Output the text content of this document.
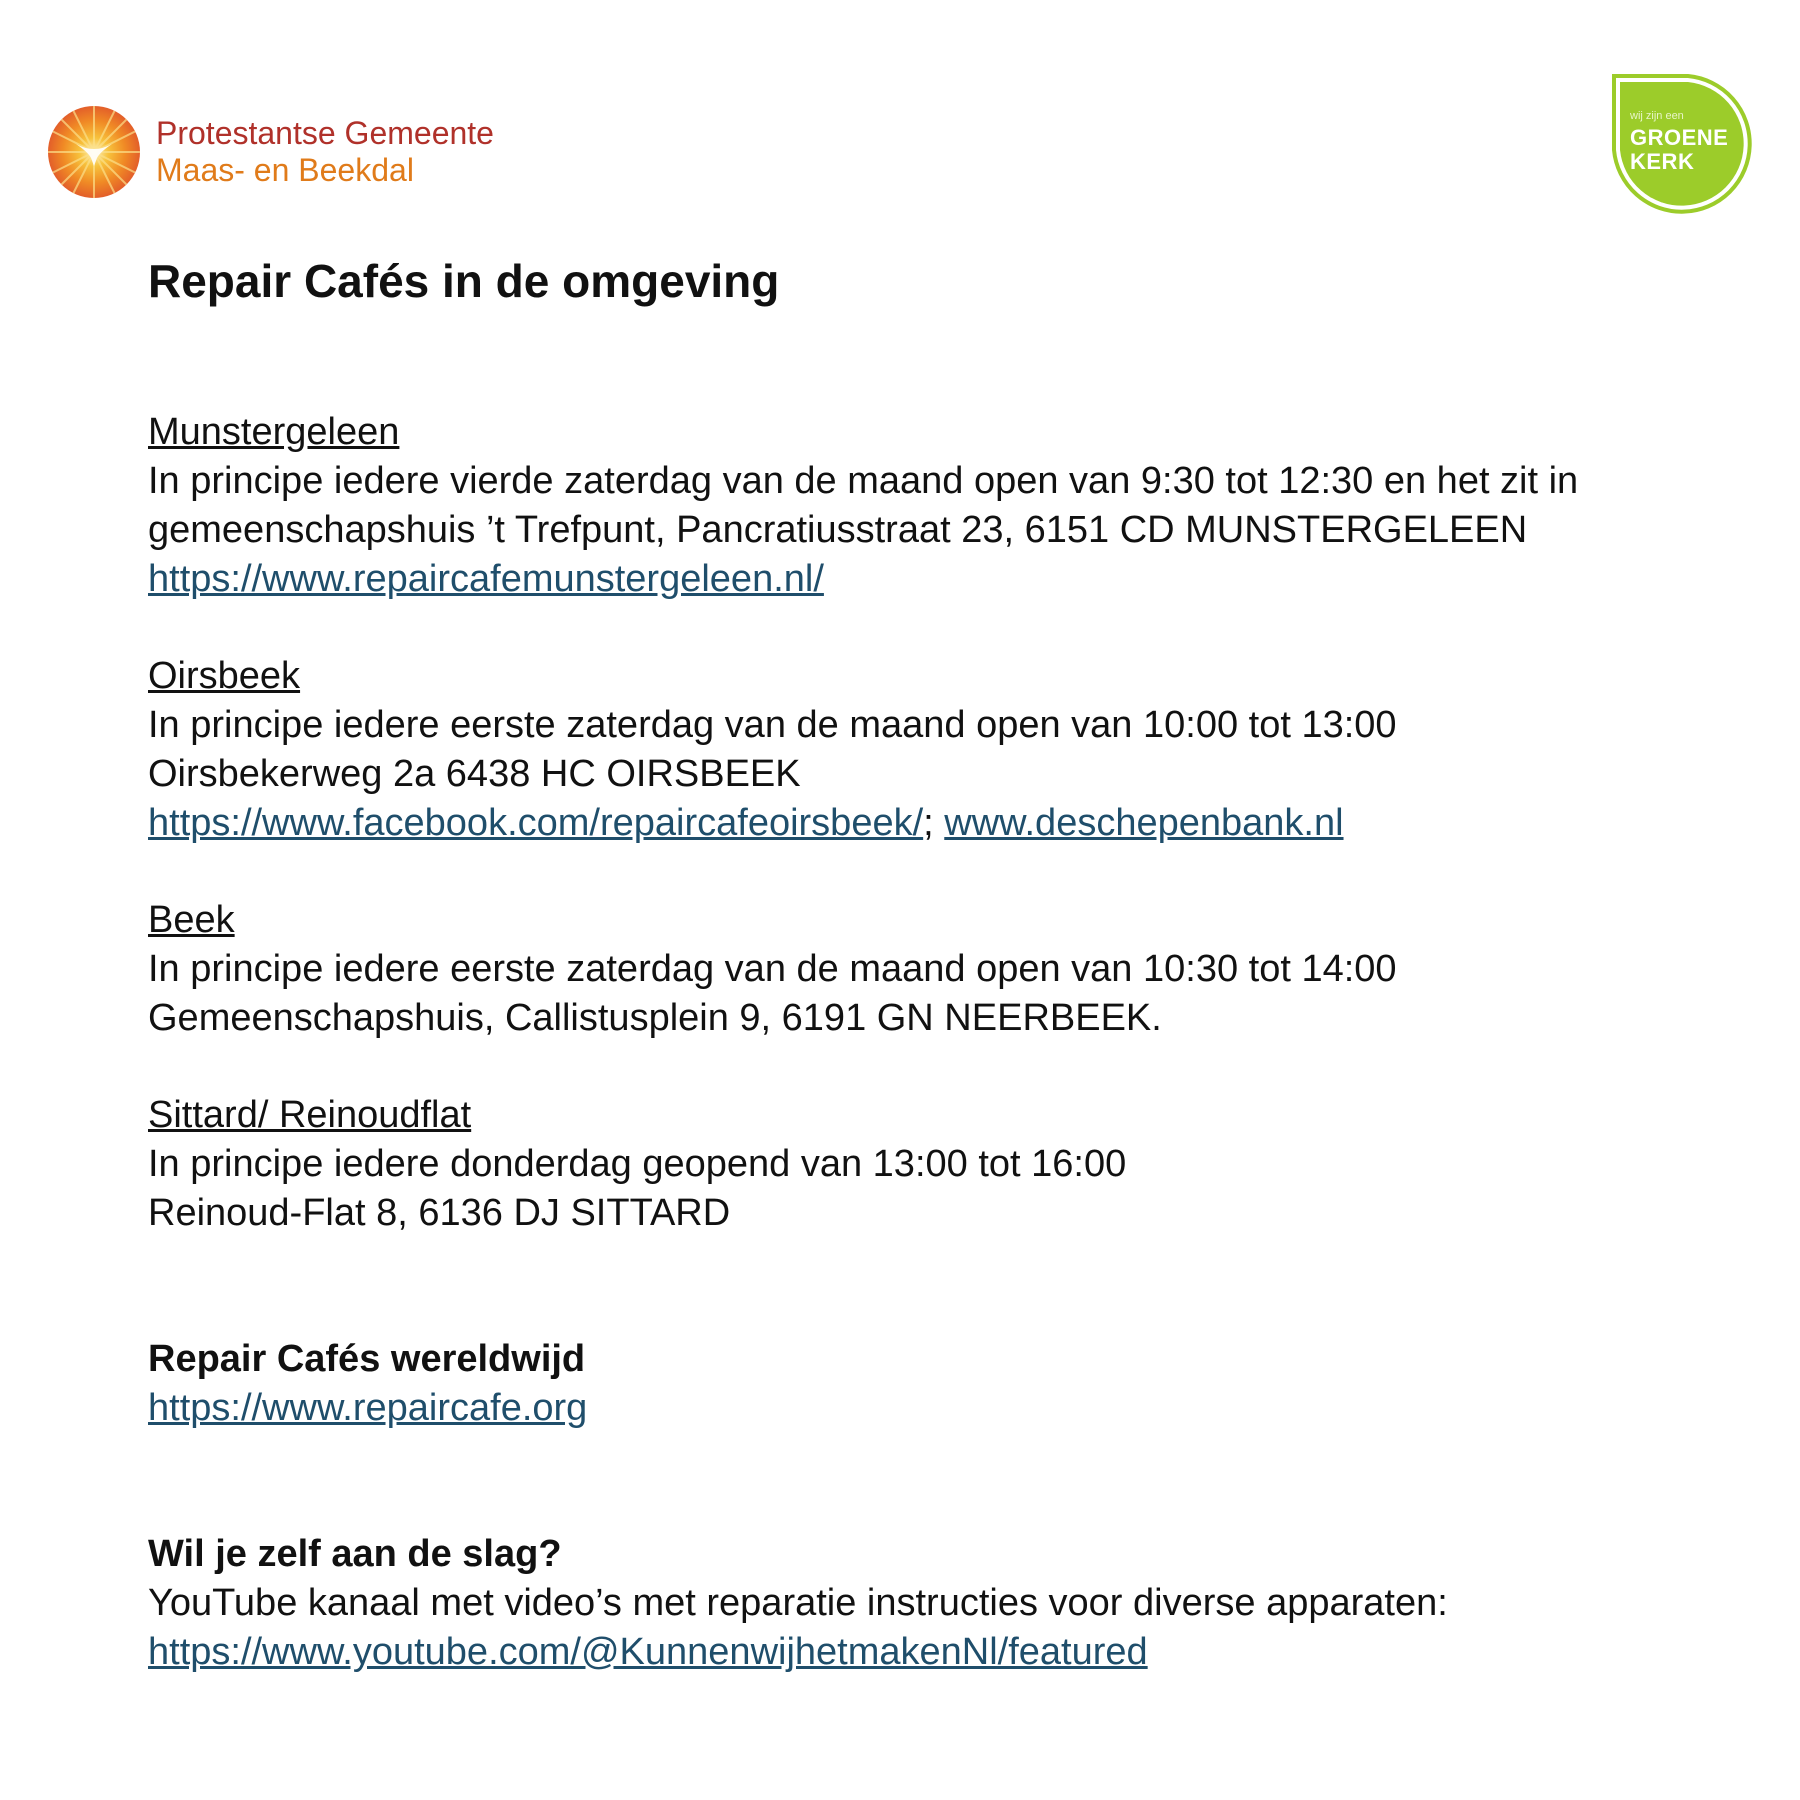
Protestantse Gemeente
Maas- en Beekdal
wij zijn een
GROENE
KERK
Repair Cafés in de omgeving
Munstergeleen
In principe iedere vierde zaterdag van de maand open van 9:30 tot 12:30 en het zit in
gemeenschapshuis ’t Trefpunt, Pancratiusstraat 23, 6151 CD MUNSTERGELEEN
https://www.repaircafemunstergeleen.nl/
Oirsbeek
In principe iedere eerste zaterdag van de maand open van 10:00 tot 13:00
Oirsbekerweg 2a 6438 HC OIRSBEEK
https://www.facebook.com/repaircafeoirsbeek/; www.deschepenbank.nl
Beek
In principe iedere eerste zaterdag van de maand open van 10:30 tot 14:00
Gemeenschapshuis, Callistusplein 9, 6191 GN NEERBEEK.
Sittard/ Reinoudflat
In principe iedere donderdag geopend van 13:00 tot 16:00
Reinoud-Flat 8, 6136 DJ SITTARD
Repair Cafés wereldwijd
https://www.repaircafe.org
Wil je zelf aan de slag?
YouTube kanaal met video’s met reparatie instructies voor diverse apparaten:
https://www.youtube.com/@KunnenwijhetmakenNl/featured
